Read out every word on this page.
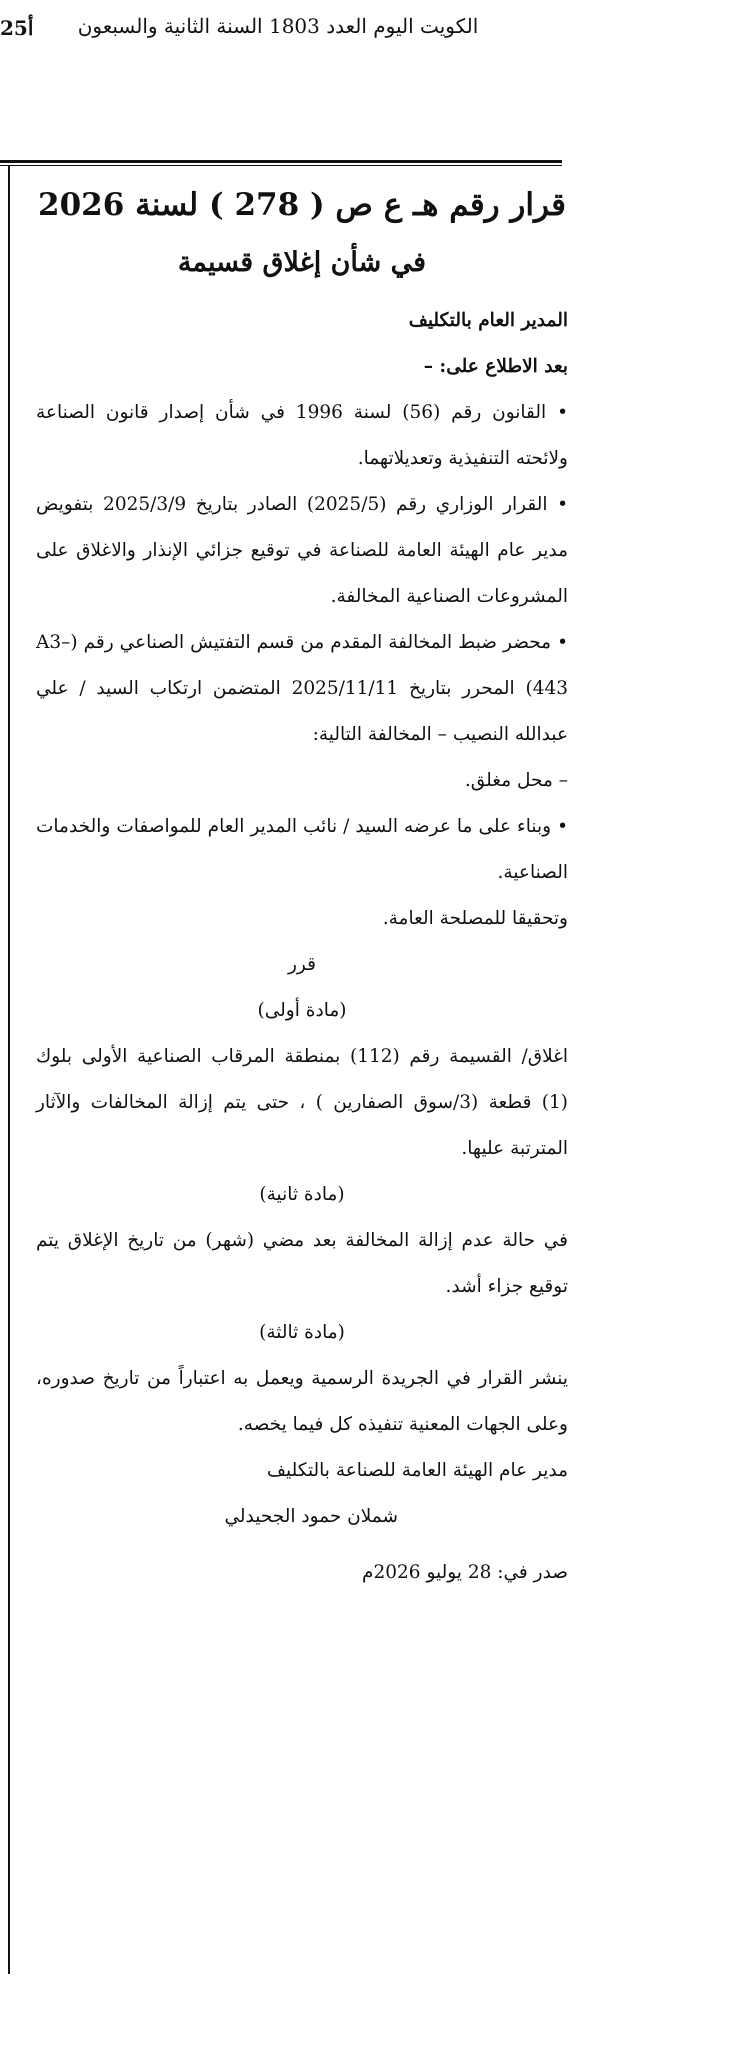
25أ	الكويت اليوم العدد 1803 السنة الثانية والسبعون
قرار رقم هـ ع ص ( 278 ) لسنة 2026
في شأن إغلاق قسيمة

المدير العام بالتكليف

بعد الاطلاع على: –

• القانون رقم (56) لسنة 1996 في شأن إصدار قانون الصناعة ولائحته التنفيذية وتعديلاتهما.

• القرار الوزاري رقم (2025/5) الصادر بتاريخ 2025/3/9 بتفويض مدير عام الهيئة العامة للصناعة في توقيع جزائي الإنذار والاغلاق على المشروعات الصناعية المخالفة.

• محضر ضبط المخالفة المقدم من قسم التفتيش الصناعي رقم (A3–443) المحرر بتاريخ 2025/11/11 المتضمن ارتكاب السيد / علي عبدالله النصيب – المخالفة التالية:

– محل مغلق.

• وبناء على ما عرضه السيد / نائب المدير العام للمواصفات والخدمات الصناعية.

وتحقيقا للمصلحة العامة.

قرر

(مادة أولى)

اغلاق/ القسيمة رقم (112) بمنطقة المرقاب الصناعية الأولى بلوك (1) قطعة (3/سوق الصفارين ) ، حتى يتم إزالة المخالفات والآثار المترتبة عليها.

(مادة ثانية)

في حالة عدم إزالة المخالفة بعد مضي (شهر) من تاريخ الإغلاق يتم توقيع جزاء أشد.

(مادة ثالثة)

ينشر القرار في الجريدة الرسمية ويعمل به اعتباراً من تاريخ صدوره، وعلى الجهات المعنية تنفيذه كل فيما يخصه.

مدير عام الهيئة العامة للصناعة بالتكليف

شملان حمود الجحيدلي

صدر في: 28 يوليو 2026م
